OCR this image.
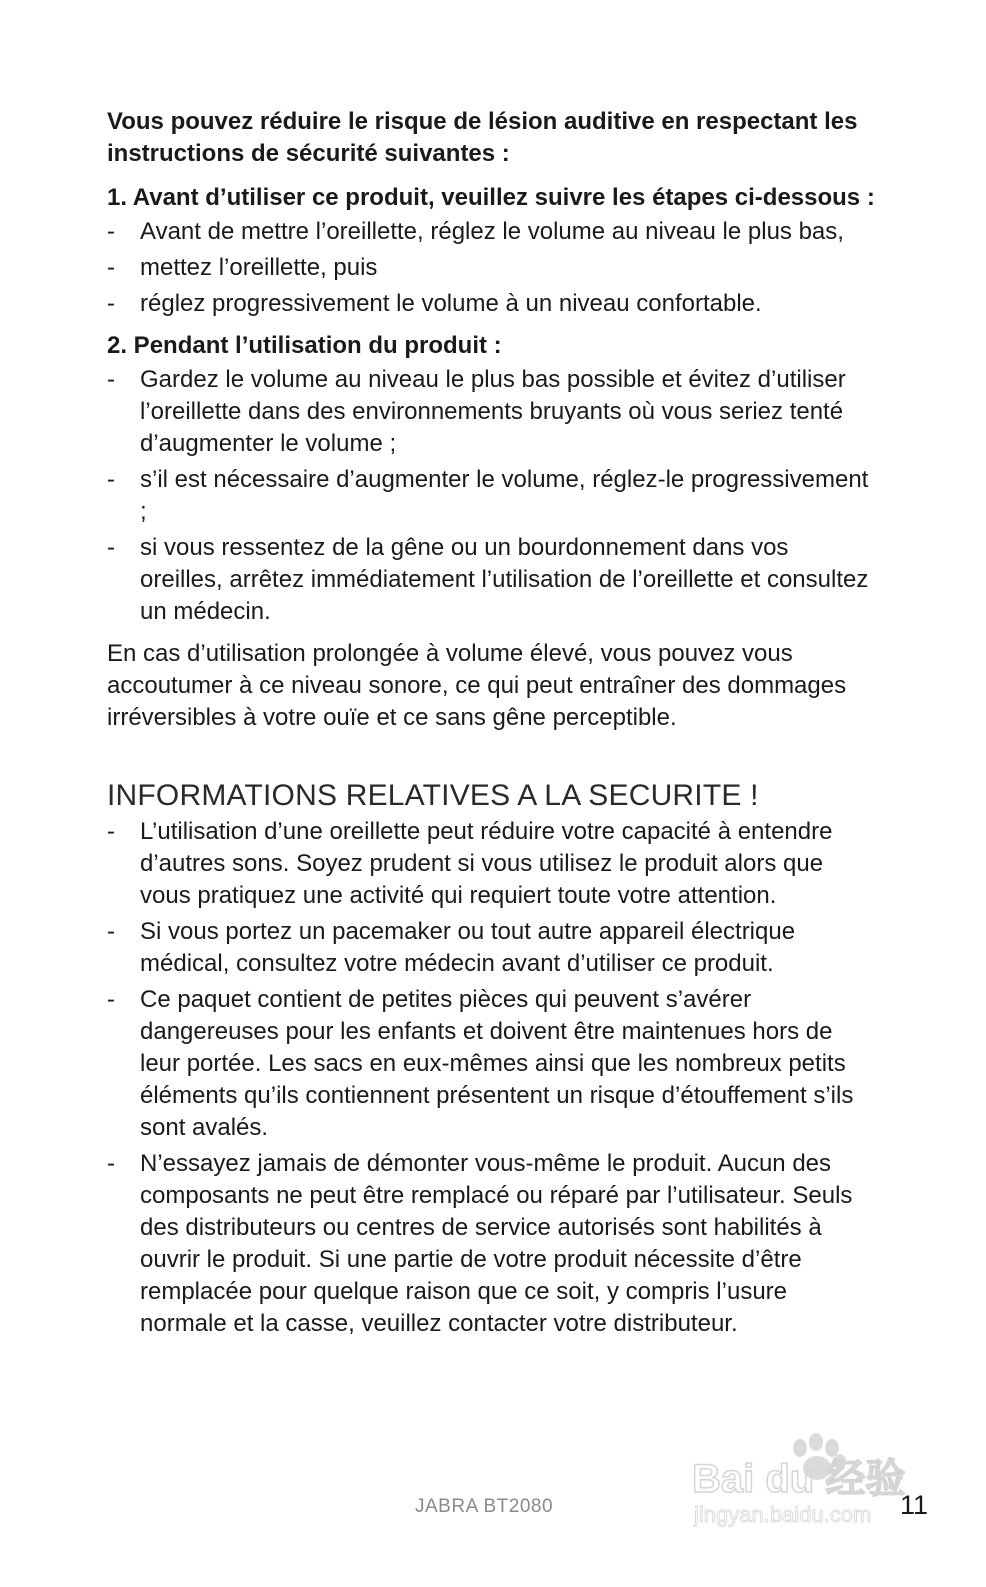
Vous pouvez réduire le risque de lésion auditive en respectant les instructions de sécurité suivantes :

1. Avant d’utiliser ce produit, veuillez suivre les étapes ci-dessous :

- Avant de mettre l’oreillette, réglez le volume au niveau le plus bas,
- mettez l’oreillette, puis
- réglez progressivement le volume à un niveau confortable.

2. Pendant l’utilisation du produit :

- Gardez le volume au niveau le plus bas possible et évitez d’utiliser l’oreillette dans des environnements bruyants où vous seriez tenté d’augmenter le volume ;
- s’il est nécessaire d’augmenter le volume, réglez-le progressivement ;
- si vous ressentez de la gêne ou un bourdonnement dans vos oreilles, arrêtez immédiatement l’utilisation de l’oreillette et consultez un médecin.

En cas d’utilisation prolongée à volume élevé, vous pouvez vous accoutumer à ce niveau sonore, ce qui peut entraîner des dommages irréversibles à votre ouïe et ce sans gêne perceptible.

INFORMATIONS RELATIVES A LA SECURITE !
- L’utilisation d’une oreillette peut réduire votre capacité à entendre d’autres sons. Soyez prudent si vous utilisez le produit alors que vous pratiquez une activité qui requiert toute votre attention.
- Si vous portez un pacemaker ou tout autre appareil électrique médical, consultez votre médecin avant d’utiliser ce produit.
- Ce paquet contient de petites pièces qui peuvent s’avérer dangereuses pour les enfants et doivent être maintenues hors de leur portée. Les sacs en eux-mêmes ainsi que les nombreux petits éléments qu’ils contiennent présentent un risque d’étouffement s’ils sont avalés.
- N’essayez jamais de démonter vous-même le produit. Aucun des composants ne peut être remplacé ou réparé par l’utilisateur. Seuls des distributeurs ou centres de service autorisés sont habilités à ouvrir le produit. Si une partie de votre produit nécessite d’être remplacée pour quelque raison que ce soit, y compris l’usure normale et la casse, veuillez contacter votre distributeur.
JABRA BT2080	11
Bai du 经验
jingyan.baidu.com
